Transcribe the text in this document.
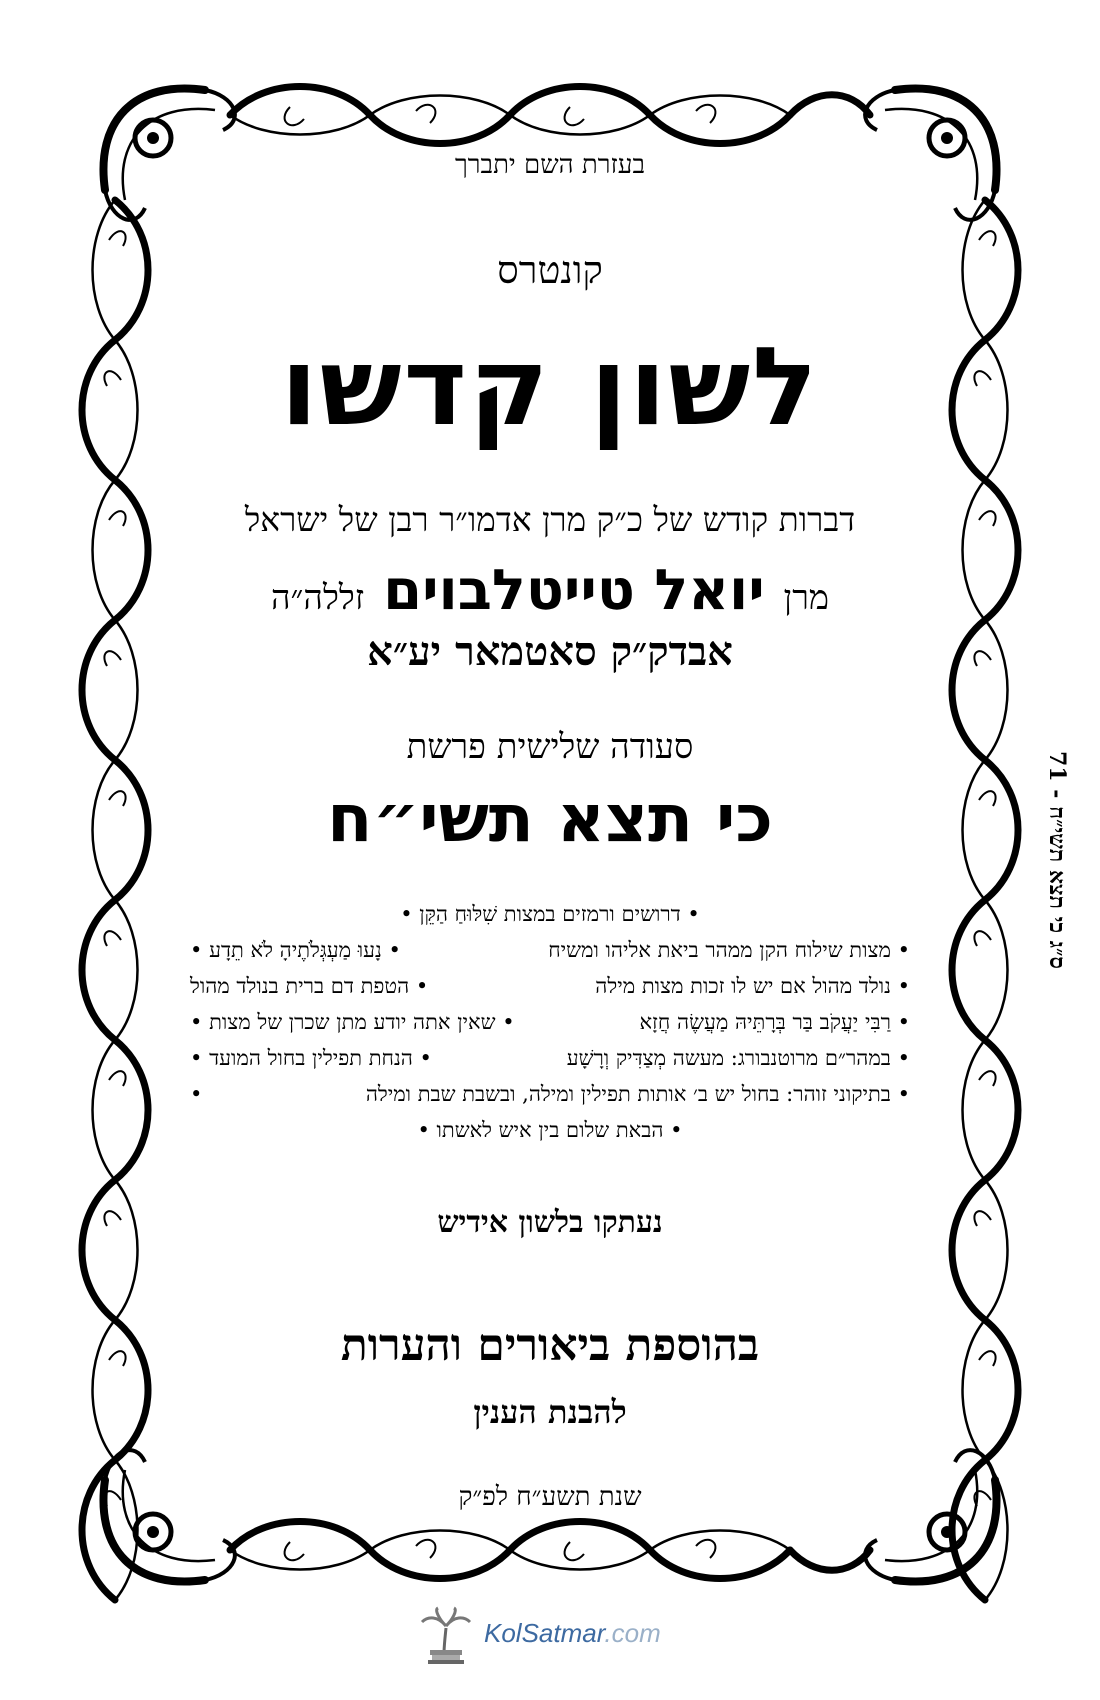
בעזרת השם יתברך
קונטרס
לשון קדשו
דברות קודש של כ״ק מרן אדמו״ר רבן של ישראל
מרן יואל טייטלבוים זללה״ה
אבדק״ק סאטמאר יע״א
סעודה שלישית פרשת
כי תצא תשי״ח
• דרושים ורמזים במצות שִׁלּוּחַ הַקֵּן •
• מצות שילוח הקן ממהר ביאת אליהו ומשיח
• נָעוּ מַעְגְּלֹתֶיהָ לֹא תֵדָע •
• נולד מהול אם יש לו זכות מצות מילה
• הטפת דם ברית בנולד מהול
• רַבִּי יַעֲקֹב בַּר בְּרָתֵּיהּ מַעֲשֶׂה חֲזָא
• שאין אתה יודע מתן שכרן של מצות •
• במהר״ם מרוטנבורג: מעשה מְצַדִּיק וְרָשָׁע
• הנחת תפילין בחול המועד •
• בתיקוני זוהר: בחול יש ב׳ אותות תפילין ומילה, ובשבת שבת ומילה
•
• הבאת שלום בין איש לאשתו •
נעתקו בלשון אידיש
בהוספת ביאורים והערות
להבנת הענין
שנת תשע״ח לפ״ק
ס״ג כי תצא תשי״ח - 71
KolSatmar.com
